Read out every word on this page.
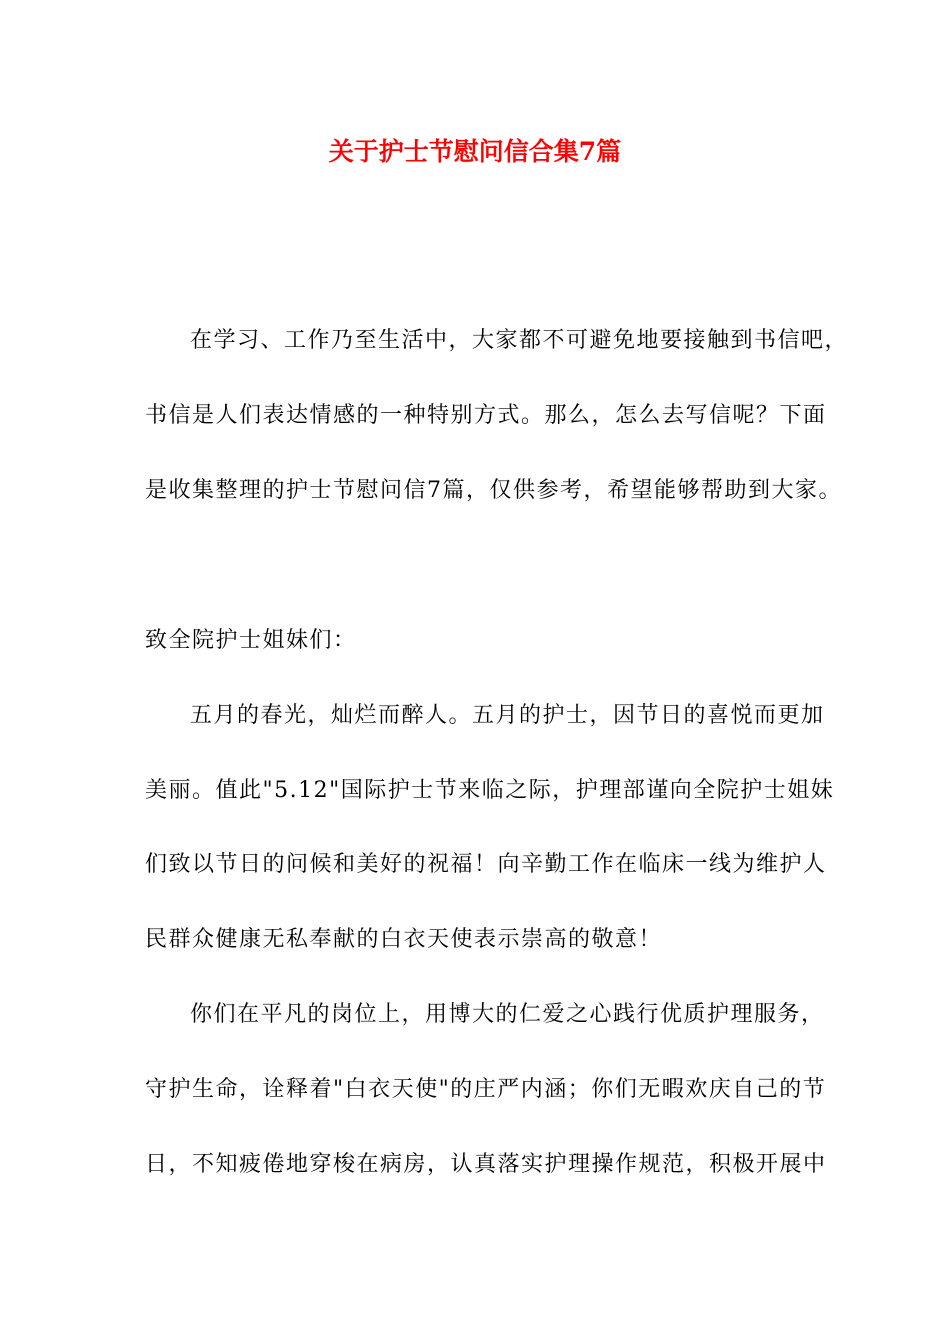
关于护士节慰问信合集7篇
在学习、工作乃至生活中，大家都不可避免地要接触到书信吧，
书信是人们表达情感的一种特别方式。那么，怎么去写信呢？下面
是收集整理的护士节慰问信7篇，仅供参考，希望能够帮助到大家。
致全院护士姐妹们：
五月的春光，灿烂而醉人。五月的护士，因节日的喜悦而更加
美丽。值此"5.12"国际护士节来临之际，护理部谨向全院护士姐妹
们致以节日的问候和美好的祝福！向辛勤工作在临床一线为维护人
民群众健康无私奉献的白衣天使表示崇高的敬意！
你们在平凡的岗位上，用博大的仁爱之心践行优质护理服务，
守护生命，诠释着"白衣天使"的庄严内涵；你们无暇欢庆自己的节
日，不知疲倦地穿梭在病房，认真落实护理操作规范，积极开展中
